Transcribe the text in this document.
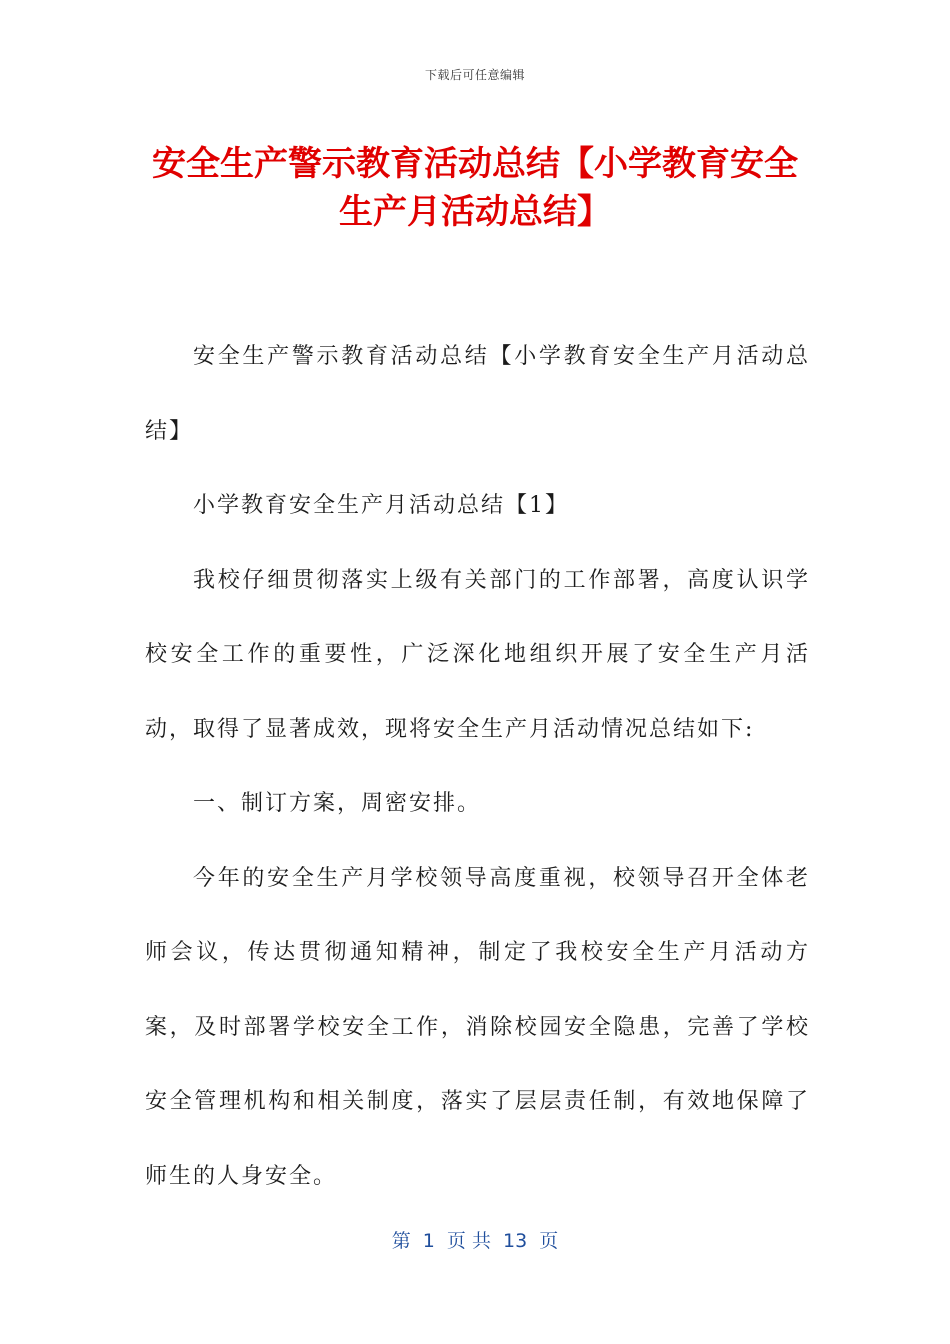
下载后可任意编辑
安全生产警示教育活动总结【小学教育安全生产月活动总结】

安全生产警示教育活动总结【小学教育安全生产月活动总结】

小学教育安全生产月活动总结【1】

我校仔细贯彻落实上级有关部门的工作部署，高度认识学校安全工作的重要性，广泛深化地组织开展了安全生产月活动，取得了显著成效，现将安全生产月活动情况总结如下:

一、制订方案，周密安排。

今年的安全生产月学校领导高度重视，校领导召开全体老师会议，传达贯彻通知精神，制定了我校安全生产月活动方案，及时部署学校安全工作，消除校园安全隐患，完善了学校安全管理机构和相关制度，落实了层层责任制，有效地保障了师生的人身安全。

第  1  页 共  13  页
